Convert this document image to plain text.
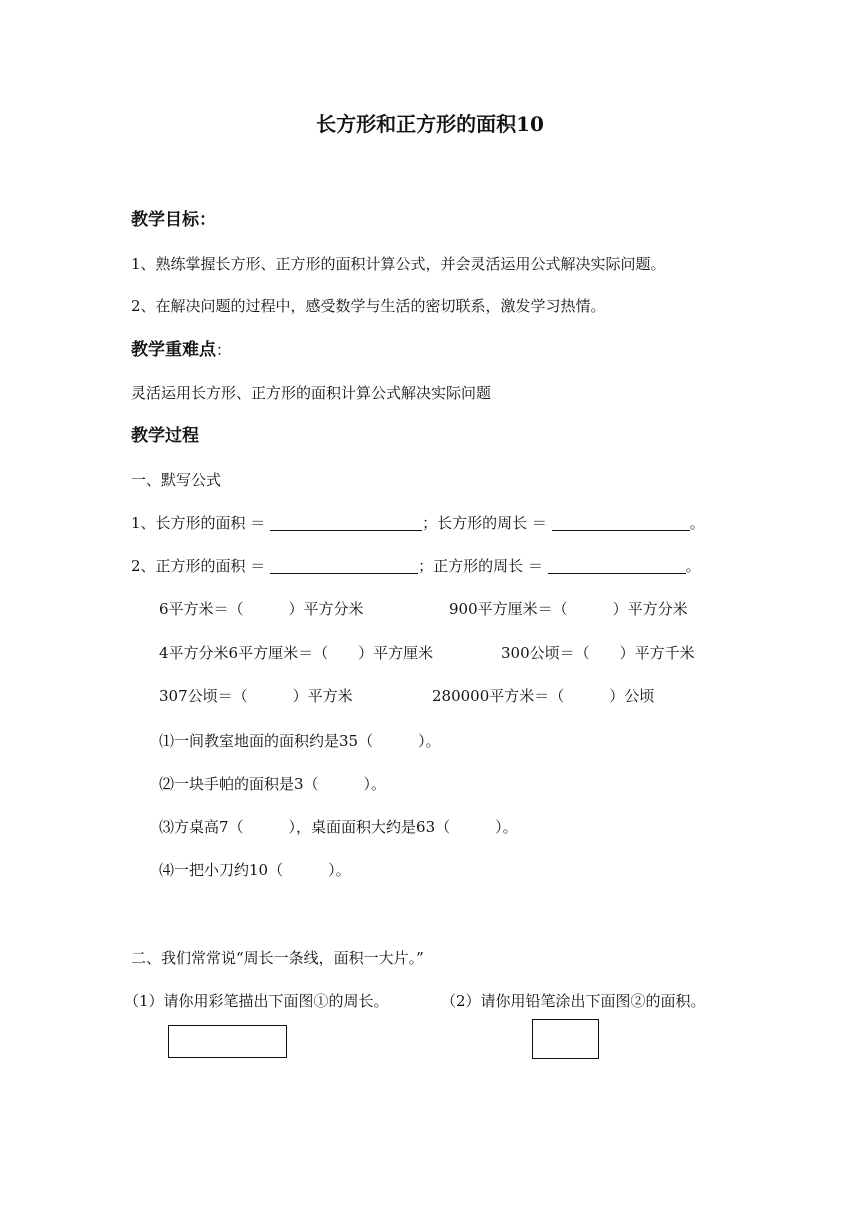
长方形和正方形的面积10
教学目标：
1、熟练掌握长方形、正方形的面积计算公式，并会灵活运用公式解决实际问题。
2、在解决问题的过程中，感受数学与生活的密切联系，激发学习热情。
教学重难点：
灵活运用长方形、正方形的面积计算公式解决实际问题
教学过程
一、默写公式
1、长方形的面积 ＝	；长方形的周长 ＝	。
2、正方形的面积 ＝	；正方形的周长 ＝	。
6平方米＝（　　　）平方分米	900平方厘米＝（　　　）平方分米
4平方分米6平方厘米＝（　　）平方厘米	300公顷＝（　　）平方千米
307公顷＝（　　　）平方米	280000平方米＝（　　　）公顷
⑴一间教室地面的面积约是35（　　　）。
⑵一块手帕的面积是3（　　　）。
⑶方桌高7（　　　），桌面面积大约是63（　　　）。
⑷一把小刀约10（　　　）。
二、我们常常说“周长一条线，面积一大片。”
（1）请你用彩笔描出下面图①的周长。	（2）请你用铅笔涂出下面图②的面积。
